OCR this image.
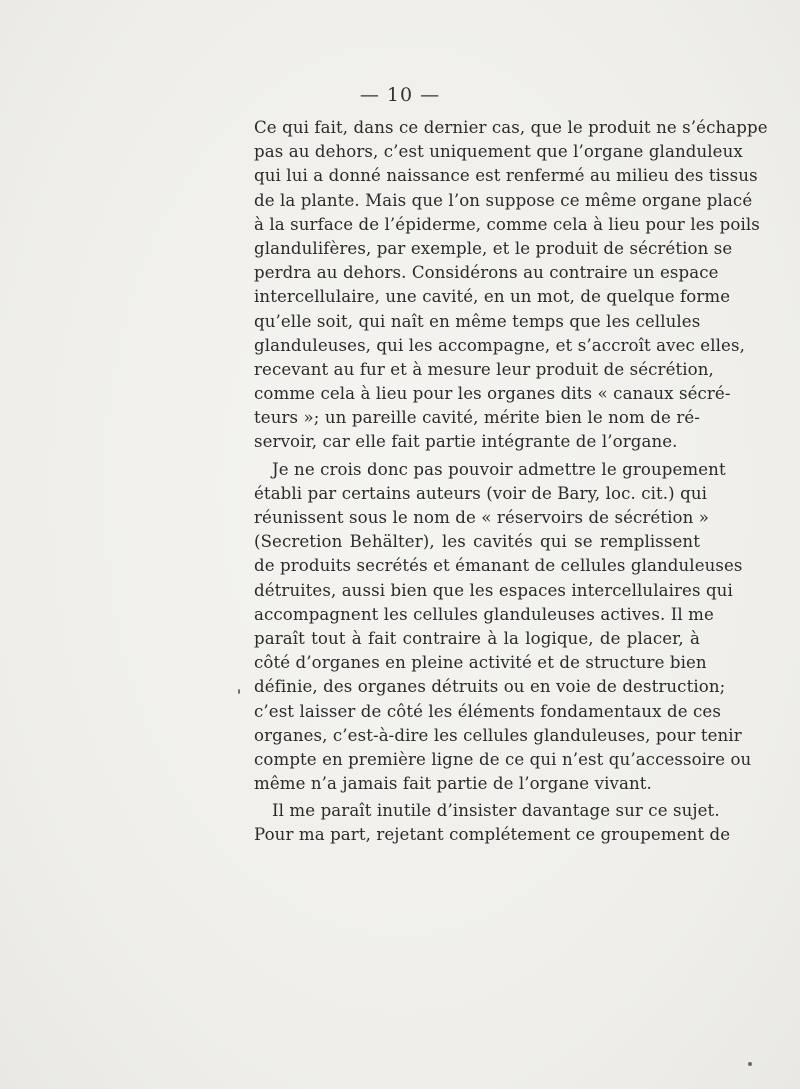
— 10 —
Ce qui fait, dans ce dernier cas, que le produit ne s’échappe
pas au dehors, c’est uniquement que l’organe glanduleux
qui lui a donné naissance est renfermé au milieu des tissus
de la plante. Mais que l’on suppose ce même organe placé
à la surface de l’épiderme, comme cela à lieu pour les poils
glandulifères, par exemple, et le produit de sécrétion se
perdra au dehors. Considérons au contraire un espace
intercellulaire, une cavité, en un mot, de quelque forme
qu’elle soit, qui naît en même temps que les cellules
glanduleuses, qui les accompagne, et s’accroît avec elles,
recevant au fur et à mesure leur produit de sécrétion,
comme cela à lieu pour les organes dits « canaux sécré-
teurs »; un pareille cavité, mérite bien le nom de ré-
servoir, car elle fait partie intégrante de l’organe.
Je ne crois donc pas pouvoir admettre le groupement
établi par certains auteurs (voir de Bary, loc. cit.) qui
réunissent sous le nom de « réservoirs de sécrétion »
(Secretion Behälter), les cavités qui se remplissent
de produits secrétés et émanant de cellules glanduleuses
détruites, aussi bien que les espaces intercellulaires qui
accompagnent les cellules glanduleuses actives. Il me
paraît tout à fait contraire à la logique, de placer, à
côté d’organes en pleine activité et de structure bien
définie, des organes détruits ou en voie de destruction;
c’est laisser de côté les éléments fondamentaux de ces
organes, c’est-à-dire les cellules glanduleuses, pour tenir
compte en première ligne de ce qui n’est qu’accessoire ou
même n’a jamais fait partie de l’organe vivant.
Il me paraît inutile d’insister davantage sur ce sujet.
Pour ma part, rejetant complétement ce groupement de
